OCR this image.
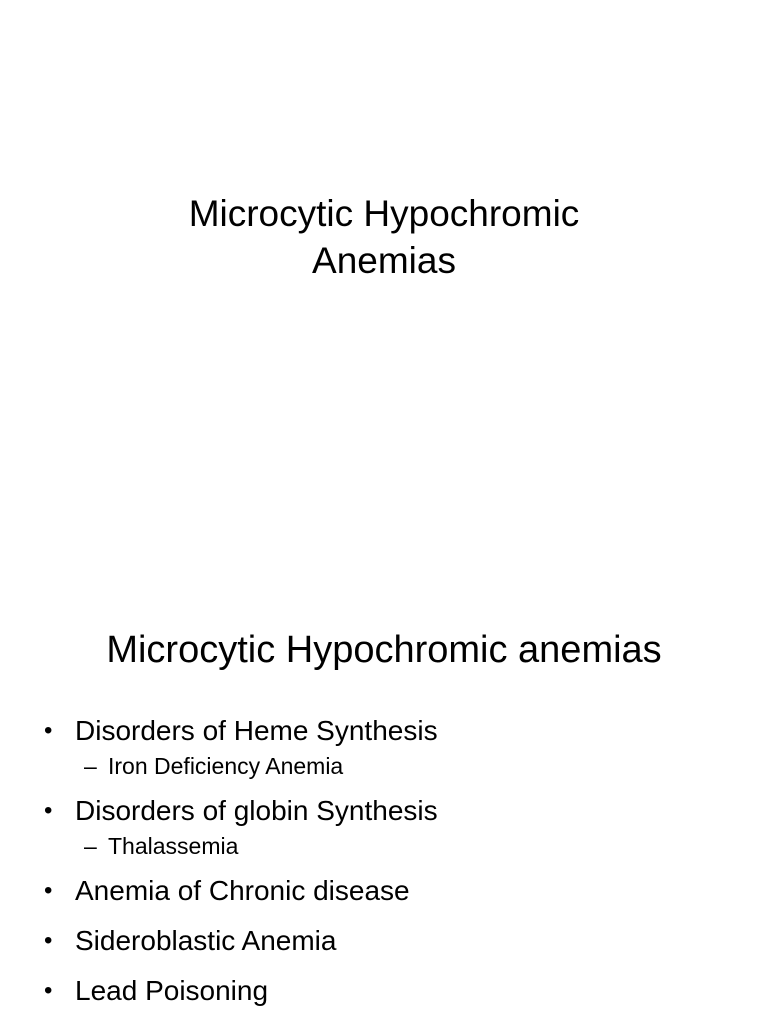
Microcytic Hypochromic
Anemias
Microcytic Hypochromic anemias
• Disorders of Heme Synthesis
– Iron Deficiency Anemia
• Disorders of globin Synthesis
– Thalassemia
• Anemia of Chronic disease
• Sideroblastic Anemia
• Lead Poisoning
